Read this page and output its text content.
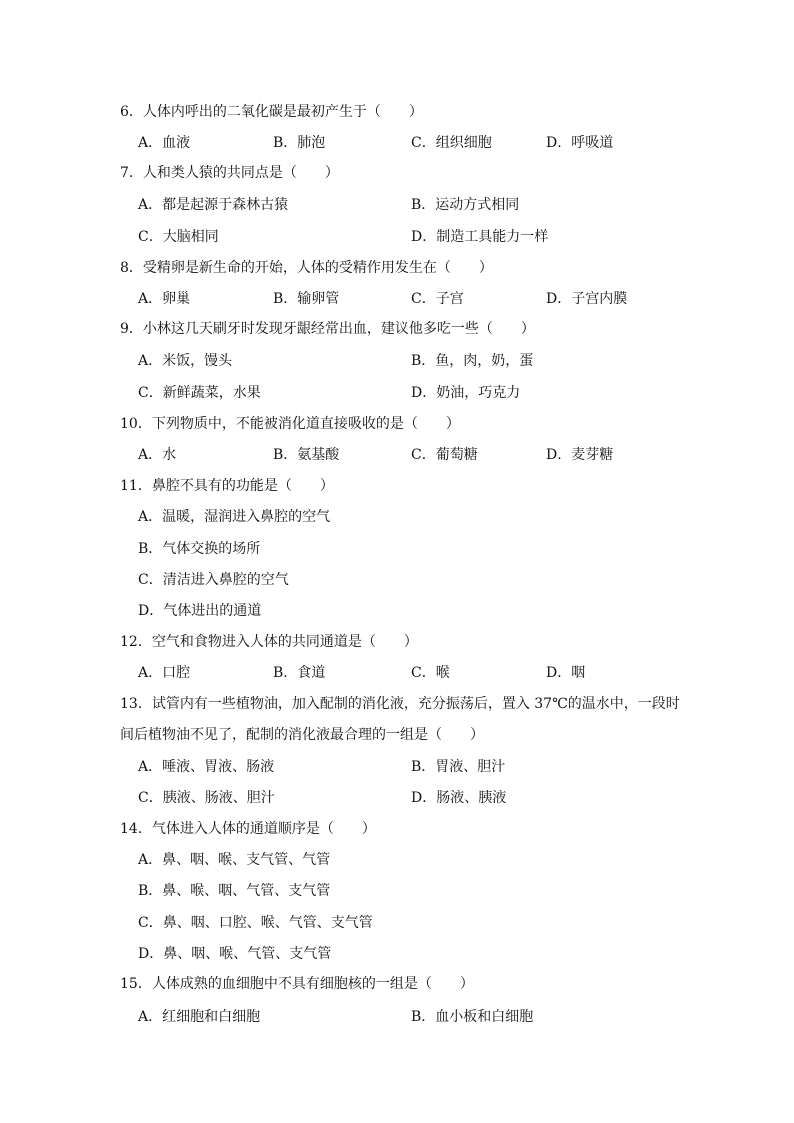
6．人体内呼出的二氧化碳是最初产生于（　　）
A．血液	B．肺泡	C．组织细胞	D．呼吸道
7．人和类人猿的共同点是（　　）
A．都是起源于森林古猿	B．运动方式相同
C．大脑相同	D．制造工具能力一样
8．受精卵是新生命的开始，人体的受精作用发生在（　　）
A．卵巢	B．输卵管	C．子宫	D．子宫内膜
9．小林这几天刷牙时发现牙龈经常出血，建议他多吃一些（　　）
A．米饭，馒头	B．鱼，肉，奶，蛋
C．新鲜蔬菜，水果	D．奶油，巧克力
10．下列物质中，不能被消化道直接吸收的是（　　）
A．水	B．氨基酸	C．葡萄糖	D．麦芽糖
11．鼻腔不具有的功能是（　　）
A．温暖，湿润进入鼻腔的空气
B．气体交换的场所
C．清洁进入鼻腔的空气
D．气体进出的通道
12．空气和食物进入人体的共同通道是（　　）
A．口腔	B．食道	C．喉	D．咽
13．试管内有一些植物油，加入配制的消化液，充分振荡后，置入 37℃的温水中，一段时
间后植物油不见了，配制的消化液最合理的一组是（　　）
A．唾液、胃液、肠液	B．胃液、胆汁
C．胰液、肠液、胆汁	D．肠液、胰液
14．气体进入人体的通道顺序是（　　）
A．鼻、咽、喉、支气管、气管
B．鼻、喉、咽、气管、支气管
C．鼻、咽、口腔、喉、气管、支气管
D．鼻、咽、喉、气管、支气管
15．人体成熟的血细胞中不具有细胞核的一组是（　　）
A．红细胞和白细胞	B．血小板和白细胞
